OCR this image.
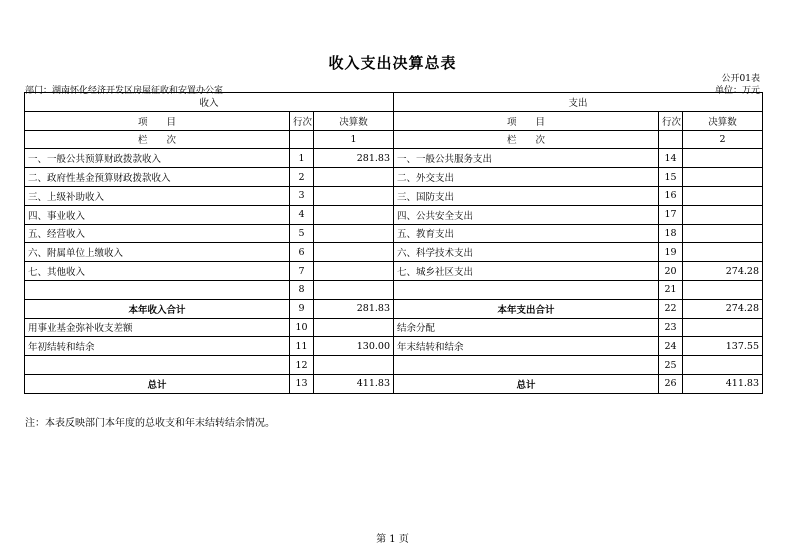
收入支出决算总表
公开01表
部门：湖南怀化经济开发区房屋征收和安置办公室	单位：万元
收入			支出		
项　　目	行次	决算数	项　　目	行次	决算数
栏　　次		1	栏　　次		2
一、一般公共预算财政拨款收入	1	281.83	一、一般公共服务支出	14	
二、政府性基金预算财政拨款收入	2		二、外交支出	15	
三、上级补助收入	3		三、国防支出	16	
四、事业收入	4		四、公共安全支出	17	
五、经营收入	5		五、教育支出	18	
六、附属单位上缴收入	6		六、科学技术支出	19	
七、其他收入	7		七、城乡社区支出	20	274.28
	8			21	
本年收入合计	9	281.83	本年支出合计	22	274.28
用事业基金弥补收支差额	10		结余分配	23	
年初结转和结余	11	130.00	年末结转和结余	24	137.55
	12			25	
总计	13	411.83	总计	26	411.83
注：本表反映部门本年度的总收支和年末结转结余情况。
第 1 页
